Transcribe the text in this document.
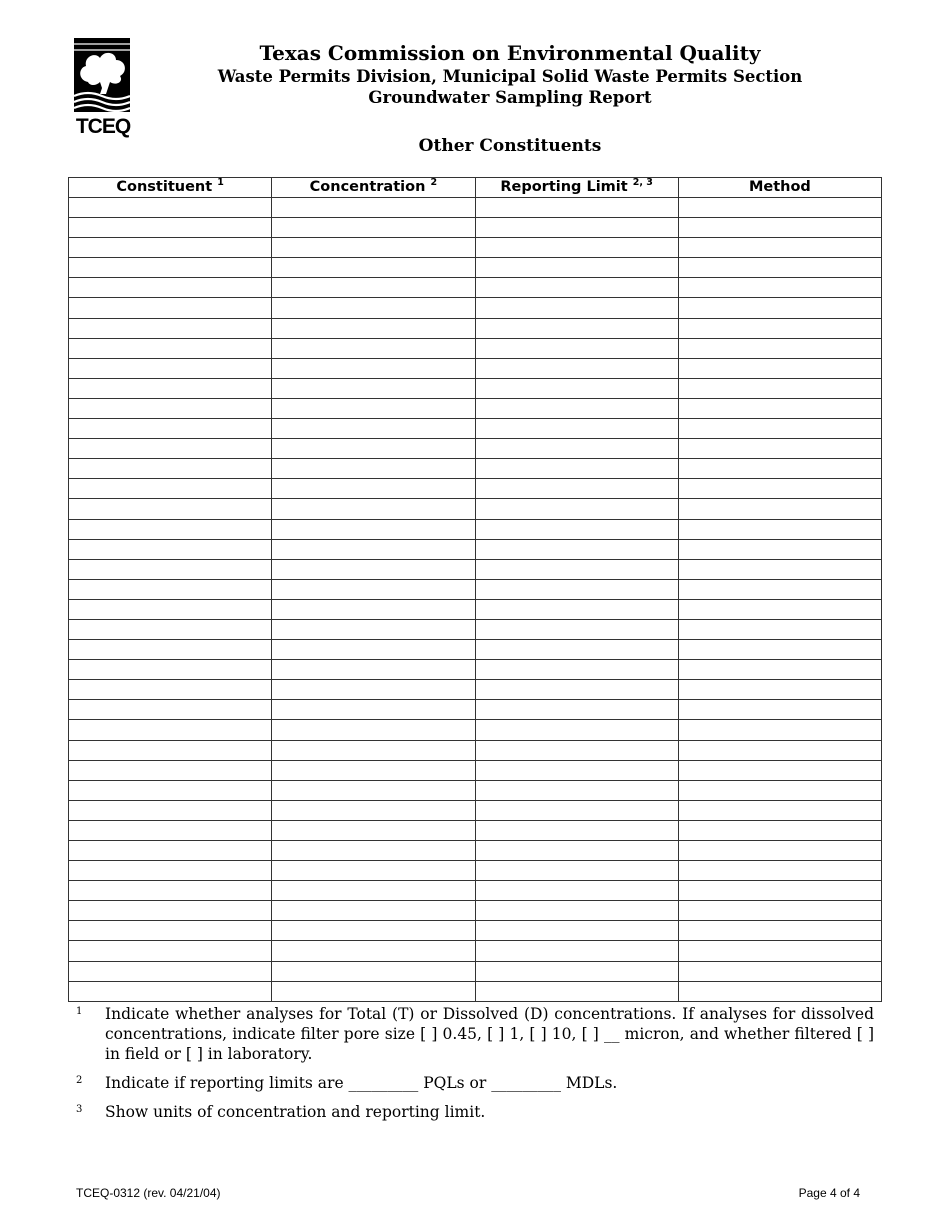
TCEQ
Texas Commission on Environmental Quality
Waste Permits Division, Municipal Solid Waste Permits Section
Groundwater Sampling Report
Other Constituents
Constituent $^1$	Concentration $^2$	Reporting Limit $^{2, 3}$	Method

1 Indicate whether analyses for Total (T) or Dissolved (D) concentrations. If analyses for dissolved concentrations, indicate filter pore size [ ] 0.45, [ ] 1, [ ] 10, [ ] __ micron, and whether filtered [ ] in field or [ ] in laboratory.
2 Indicate if reporting limits are _________ PQLs or _________ MDLs.
3 Show units of concentration and reporting limit.
TCEQ-0312 (rev. 04/21/04)	Page 4 of 4
